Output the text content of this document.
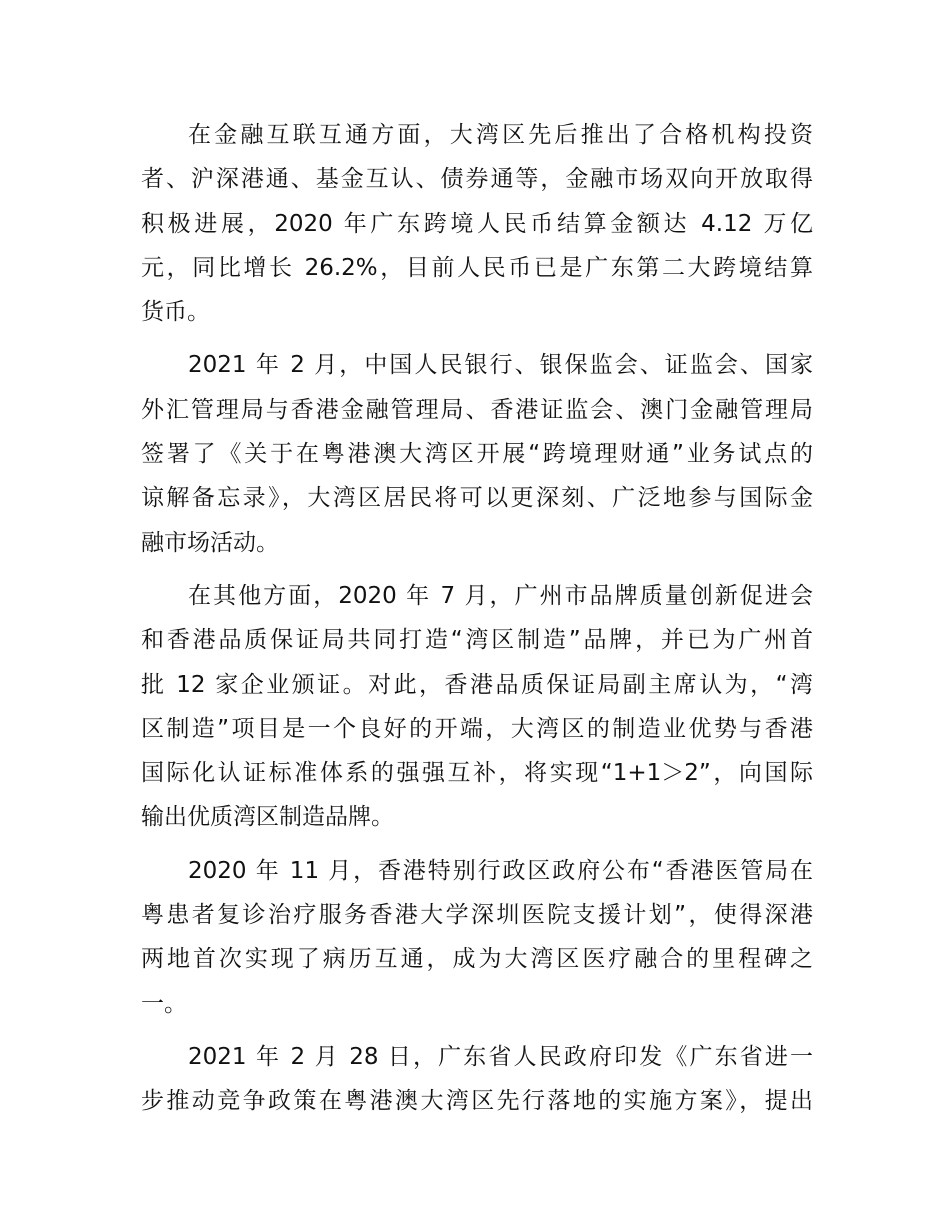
在金融互联互通方面，大湾区先后推出了合格机构投资
者、沪深港通、基金互认、债券通等，金融市场双向开放取得
积极进展，2020 年广东跨境人民币结算金额达 4.12 万亿
元，同比增长 26.2%，目前人民币已是广东第二大跨境结算
货币。

2021 年 2 月，中国人民银行、银保监会、证监会、国家
外汇管理局与香港金融管理局、香港证监会、澳门金融管理局
签署了《关于在粤港澳大湾区开展“跨境理财通”业务试点的
谅解备忘录》，大湾区居民将可以更深刻、广泛地参与国际金
融市场活动。

在其他方面，2020 年 7 月，广州市品牌质量创新促进会
和香港品质保证局共同打造“湾区制造”品牌，并已为广州首
批 12 家企业颁证。对此，香港品质保证局副主席认为，“湾
区制造”项目是一个良好的开端，大湾区的制造业优势与香港
国际化认证标准体系的强强互补，将实现“1+1＞2”，向国际
输出优质湾区制造品牌。

2020 年 11 月，香港特别行政区政府公布“香港医管局在
粤患者复诊治疗服务香港大学深圳医院支援计划”，使得深港
两地首次实现了病历互通，成为大湾区医疗融合的里程碑之
一。

2021 年 2 月 28 日，广东省人民政府印发《广东省进一
步推动竞争政策在粤港澳大湾区先行落地的实施方案》，提出
